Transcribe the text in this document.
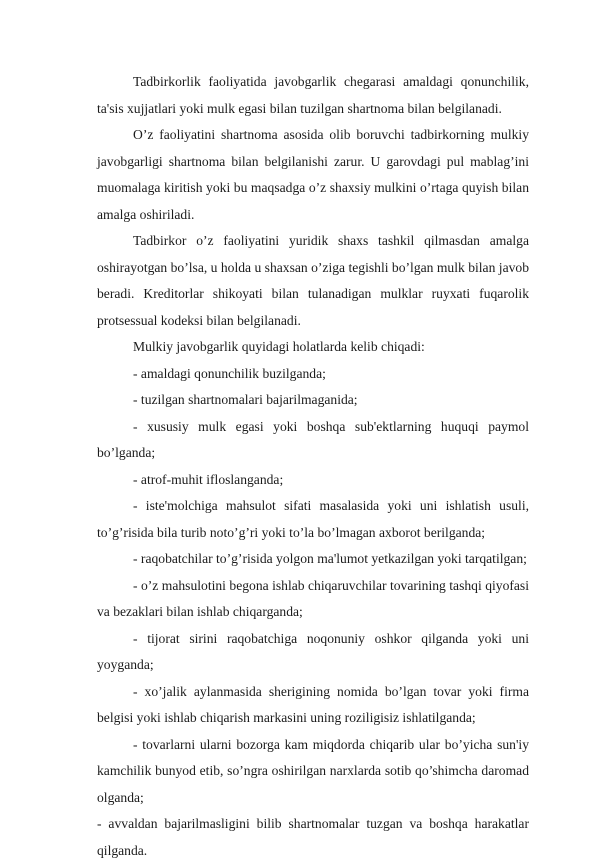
Tadbirkorlik faoliyatida javobgarlik chegarasi amaldagi qonunchilik, ta'sis xujjatlari yoki mulk egasi bilan tuzilgan shartnoma bilan belgilanadi.

O’z faoliyatini shartnoma asosida olib boruvchi tadbirkorning mulkiy javobgarligi shartnoma bilan belgilanishi zarur. U garovdagi pul mablag’ini muomalaga kiritish yoki bu maqsadga o’z shaxsiy mulkini o’rtaga quyish bilan amalga oshiriladi.

Tadbirkor o’z faoliyatini yuridik shaxs tashkil qilmasdan amalga oshirayotgan bo’lsa, u holda u shaxsan o’ziga tegishli bo’lgan mulk bilan javob beradi. Kreditorlar shikoyati bilan tulanadigan mulklar ruyxati fuqarolik protsessual kodeksi bilan belgilanadi.

Mulkiy javobgarlik quyidagi holatlarda kelib chiqadi:

- amaldagi qonunchilik buzilganda;

- tuzilgan shartnomalari bajarilmaganida;

- xususiy mulk egasi yoki boshqa sub'ektlarning huquqi paymol bo’lganda;

- atrof-muhit ifloslanganda;

- iste'molchiga mahsulot sifati masalasida yoki uni ishlatish usuli, to’g’risida bila turib noto’g’ri yoki to’la bo’lmagan axborot berilganda;

- raqobatchilar to’g’risida yolgon ma'lumot yetkazilgan yoki tarqatilgan;

- o’z mahsulotini begona ishlab chiqaruvchilar tovarining tashqi qiyofasi va bezaklari bilan ishlab chiqarganda;

- tijorat sirini raqobatchiga noqonuniy oshkor qilganda yoki uni yoyganda;

- xo’jalik aylanmasida sherigining nomida bo’lgan tovar yoki firma belgisi yoki ishlab chiqarish markasini uning roziligisiz ishlatilganda;

- tovarlarni ularni bozorga kam miqdorda chiqarib ular bo’yicha sun'iy kamchilik bunyod etib, so’ngra oshirilgan narxlarda sotib qo’shimcha daromad olganda;

- avvaldan bajarilmasligini bilib shartnomalar tuzgan va boshqa harakatlar qilganda.
